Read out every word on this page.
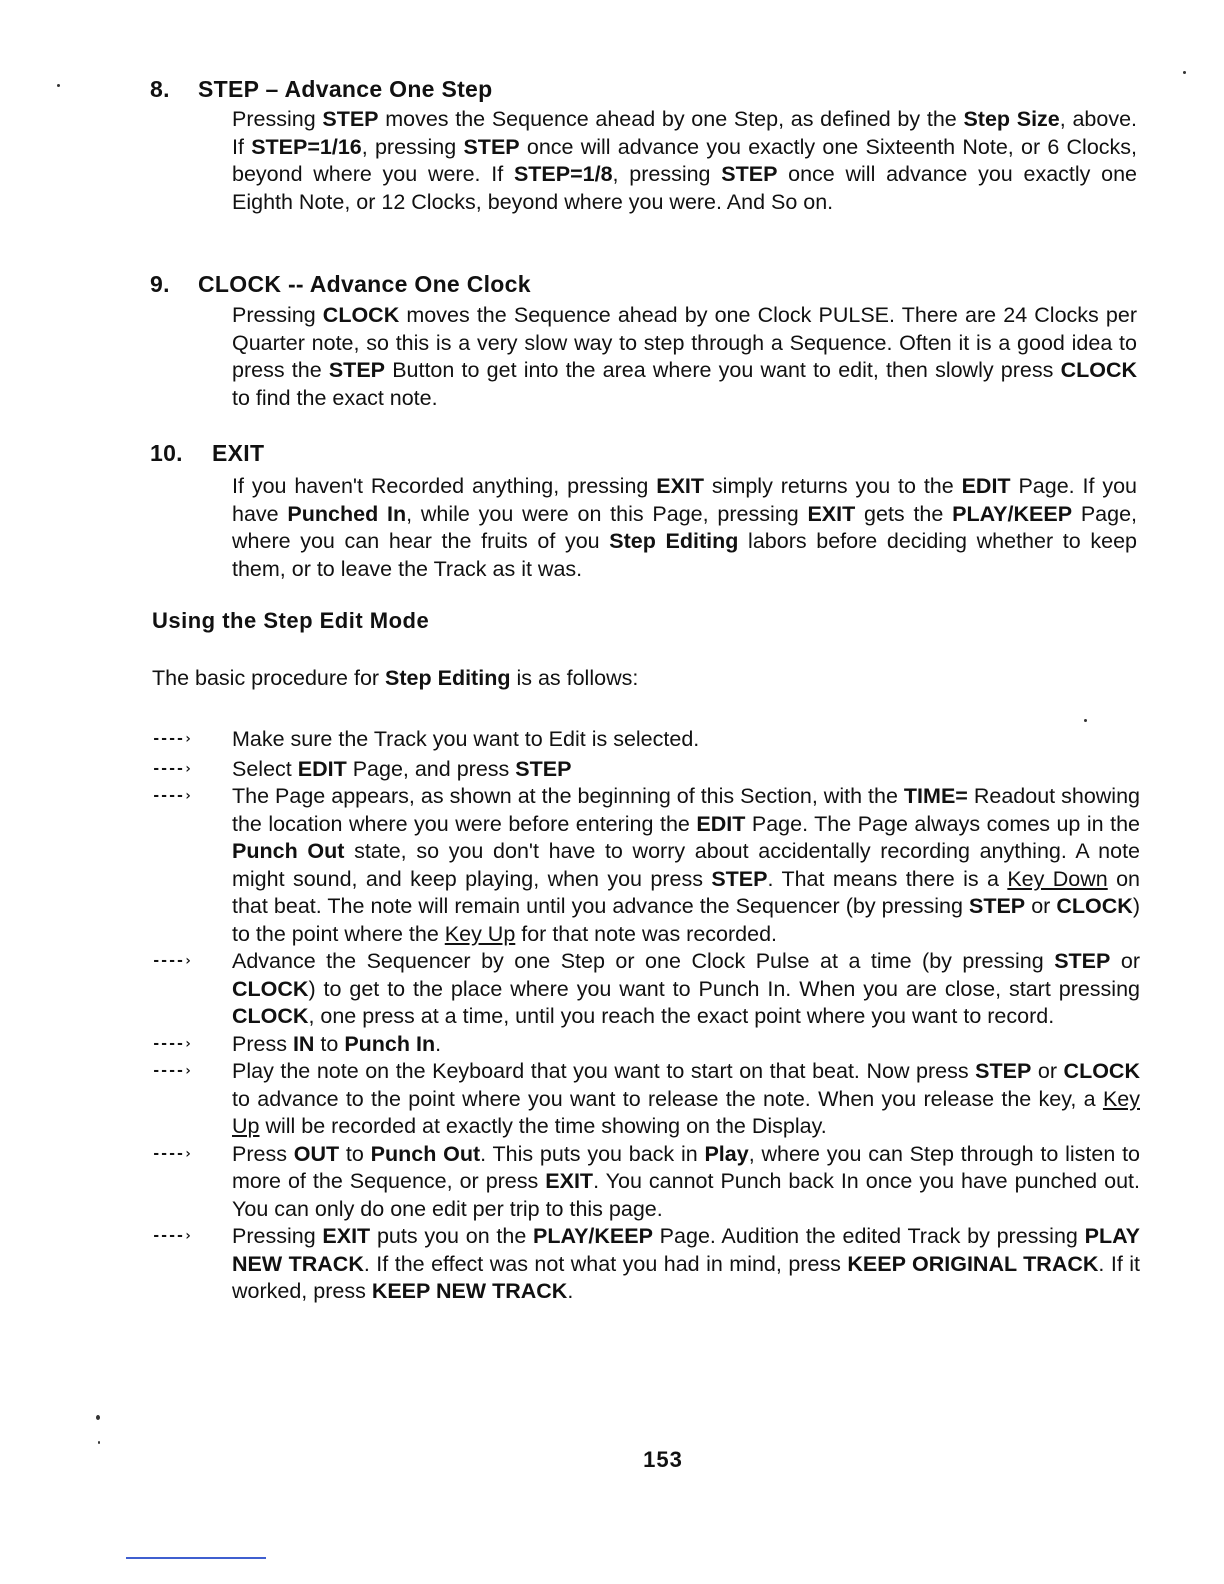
8. STEP – Advance One Step
Pressing STEP moves the Sequence ahead by one Step, as defined by the Step Size, above. If STEP=1/16, pressing STEP once will advance you exactly one Sixteenth Note, or 6 Clocks, beyond where you were. If STEP=1/8, pressing STEP once will advance you exactly one Eighth Note, or 12 Clocks, beyond where you were. And So on.
9. CLOCK -- Advance One Clock
Pressing CLOCK moves the Sequence ahead by one Clock PULSE. There are 24 Clocks per Quarter note, so this is a very slow way to step through a Sequence. Often it is a good idea to press the STEP Button to get into the area where you want to edit, then slowly press CLOCK to find the exact note.
10. EXIT
If you haven't Recorded anything, pressing EXIT simply returns you to the EDIT Page. If you have Punched In, while you were on this Page, pressing EXIT gets the PLAY/KEEP Page, where you can hear the fruits of you Step Editing labors before deciding whether to keep them, or to leave the Track as it was.
Using the Step Edit Mode
The basic procedure for Step Editing is as follows:
----› Make sure the Track you want to Edit is selected.
----› Select EDIT Page, and press STEP
----› The Page appears, as shown at the beginning of this Section, with the TIME= Readout showing the location where you were before entering the EDIT Page. The Page always comes up in the Punch Out state, so you don't have to worry about accidentally recording anything. A note might sound, and keep playing, when you press STEP. That means there is a Key Down on that beat. The note will remain until you advance the Sequencer (by pressing STEP or CLOCK) to the point where the Key Up for that note was recorded.
----› Advance the Sequencer by one Step or one Clock Pulse at a time (by pressing STEP or CLOCK) to get to the place where you want to Punch In. When you are close, start pressing CLOCK, one press at a time, until you reach the exact point where you want to record.
----› Press IN to Punch In.
----› Play the note on the Keyboard that you want to start on that beat. Now press STEP or CLOCK to advance to the point where you want to release the note. When you release the key, a Key Up will be recorded at exactly the time showing on the Display.
----› Press OUT to Punch Out. This puts you back in Play, where you can Step through to listen to more of the Sequence, or press EXIT. You cannot Punch back In once you have punched out. You can only do one edit per trip to this page.
----› Pressing EXIT puts you on the PLAY/KEEP Page. Audition the edited Track by pressing PLAY NEW TRACK. If the effect was not what you had in mind, press KEEP ORIGINAL TRACK. If it worked, press KEEP NEW TRACK.
153
